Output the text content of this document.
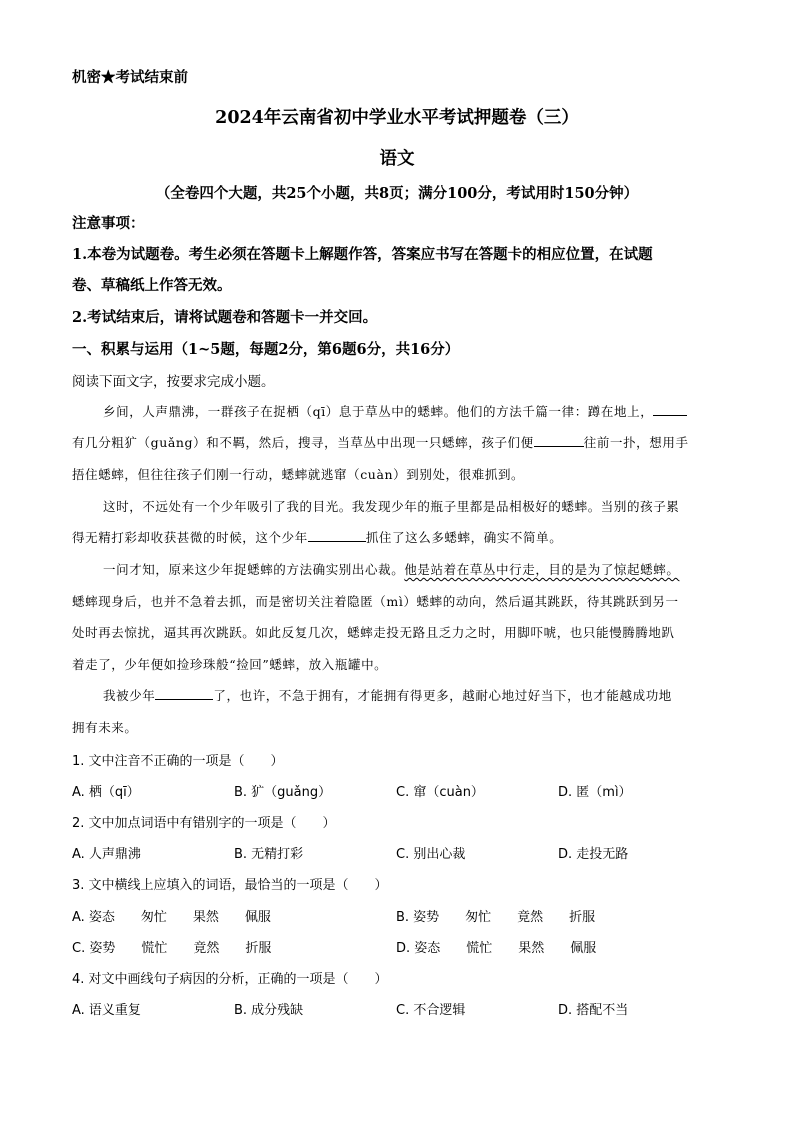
机密★考试结束前
2024年云南省初中学业水平考试押题卷（三）
语文
（全卷四个大题，共25个小题，共8页；满分100分，考试用时150分钟）
注意事项：
1.本卷为试题卷。考生必须在答题卡上解题作答，答案应书写在答题卡的相应位置，在试题
卷、草稿纸上作答无效。
2.考试结束后，请将试题卷和答题卡一并交回。
一、积累与运用（1~5题，每题2分，第6题6分，共16分）
阅读下面文字，按要求完成小题。
乡间，人声鼎沸，一群孩子在捉栖（qī）息于草丛中的蟋蟀。他们的方法千篇一律：蹲在地上，
有几分粗犷（guǎng）和不羁，然后，搜寻，当草丛中出现一只蟋蟀，孩子们便	往前一扑，想用手
捂住蟋蟀，但往往孩子们刚一行动，蟋蟀就逃窜（cuàn）到别处，很难抓到。
这时，不远处有一个少年吸引了我的目光。我发现少年的瓶子里都是品相极好的蟋蟀。当别的孩子累
得无精打彩却收获甚微的时候，这个少年	抓住了这么多蟋蟀，确实不简单。
一问才知，原来这少年捉蟋蟀的方法确实别出心裁。他是站着在草丛中行走，目的是为了惊起蟋蟀。
蟋蟀现身后，也并不急着去抓，而是密切关注着隐匿（mì）蟋蟀的动向，然后逼其跳跃，待其跳跃到另一
处时再去惊扰，逼其再次跳跃。如此反复几次，蟋蟀走投无路且乏力之时，用脚吓唬，也只能慢腾腾地趴
着走了，少年便如捡珍珠般“捡回”蟋蟀，放入瓶罐中。
我被少年	了，也许，不急于拥有，才能拥有得更多，越耐心地过好当下，也才能越成功地
拥有未来。
1. 文中注音不正确的一项是（　　）
A. 栖（qī）	B. 犷（guǎng）	C. 窜（cuàn）	D. 匿（mì）
2. 文中加点词语中有错别字的一项是（　　）
A. 人声鼎沸	B. 无精打彩	C. 别出心裁	D. 走投无路
3. 文中横线上应填入的词语，最恰当的一项是（　　）
A. 姿态　　匆忙　　果然　　佩服	B. 姿势　　匆忙　　竟然　　折服
C. 姿势　　慌忙　　竟然　　折服	D. 姿态　　慌忙　　果然　　佩服
4. 对文中画线句子病因的分析，正确的一项是（　　）
A. 语义重复	B. 成分残缺	C. 不合逻辑	D. 搭配不当
